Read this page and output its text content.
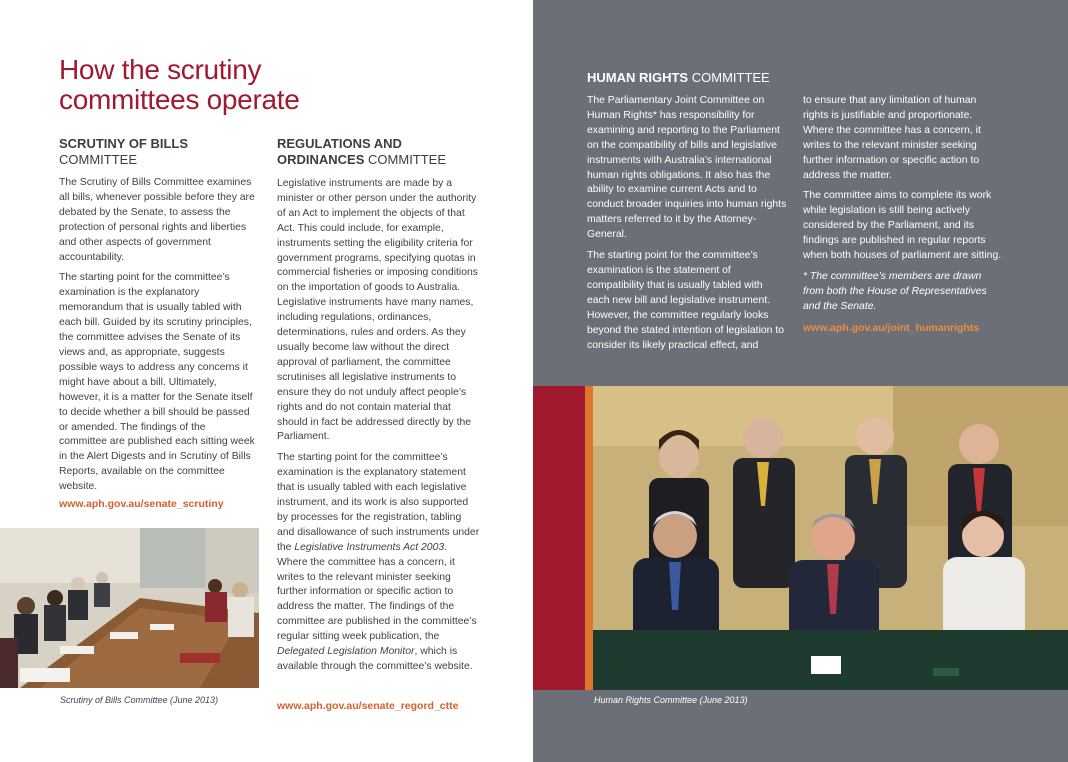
How the scrutiny committees operate
SCRUTINY OF BILLS
COMMITTEE

The Scrutiny of Bills Committee examines all bills, whenever possible before they are debated by the Senate, to assess the protection of personal rights and liberties and other aspects of government accountability.

The starting point for the committee’s examination is the explanatory memorandum that is usually tabled with each bill. Guided by its scrutiny principles, the committee advises the Senate of its views and, as appropriate, suggests possible ways to address any concerns it might have about a bill. Ultimately, however, it is a matter for the Senate itself to decide whether a bill should be passed or amended. The findings of the committee are published each sitting week in the Alert Digests and in Scrutiny of Bills Reports, available on the committee website.

www.aph.gov.au/senate_scrutiny
Scrutiny of Bills Committee (June 2013)
REGULATIONS AND
ORDINANCES COMMITTEE

Legislative instruments are made by a minister or other person under the authority of an Act to implement the objects of that Act. This could include, for example, instruments setting the eligibility criteria for government programs, specifying quotas in commercial fisheries or imposing conditions on the importation of goods to Australia. Legislative instruments have many names, including regulations, ordinances, determinations, rules and orders. As they usually become law without the direct approval of parliament, the committee scrutinises all legislative instruments to ensure they do not unduly affect people’s rights and do not contain material that should in fact be addressed directly by the Parliament.

The starting point for the committee’s examination is the explanatory statement that is usually tabled with each legislative instrument, and its work is also supported by processes for the registration, tabling and disallowance of such instruments under the Legislative Instruments Act 2003. Where the committee has a concern, it writes to the relevant minister seeking further information or specific action to address the matter. The findings of the committee are published in the committee’s regular sitting week publication, the Delegated Legislation Monitor, which is available through the committee’s website.

www.aph.gov.au/senate_regord_ctte
HUMAN RIGHTS COMMITTEE

The Parliamentary Joint Committee on Human Rights* has responsibility for examining and reporting to the Parliament on the compatibility of bills and legislative instruments with Australia’s international human rights obligations. It also has the ability to examine current Acts and to conduct broader inquiries into human rights matters referred to it by the Attorney-General.

The starting point for the committee’s examination is the statement of compatibility that is usually tabled with each new bill and legislative instrument. However, the committee regularly looks beyond the stated intention of legislation to consider its likely practical effect, and

to ensure that any limitation of human rights is justifiable and proportionate. Where the committee has a concern, it writes to the relevant minister seeking further information or specific action to address the matter.

The committee aims to complete its work while legislation is still being actively considered by the Parliament, and its findings are published in regular reports when both houses of parliament are sitting.

* The committee’s members are drawn from both the House of Representatives and the Senate.

www.aph.gov.au/joint_humanrights

Human Rights Committee (June 2013)
